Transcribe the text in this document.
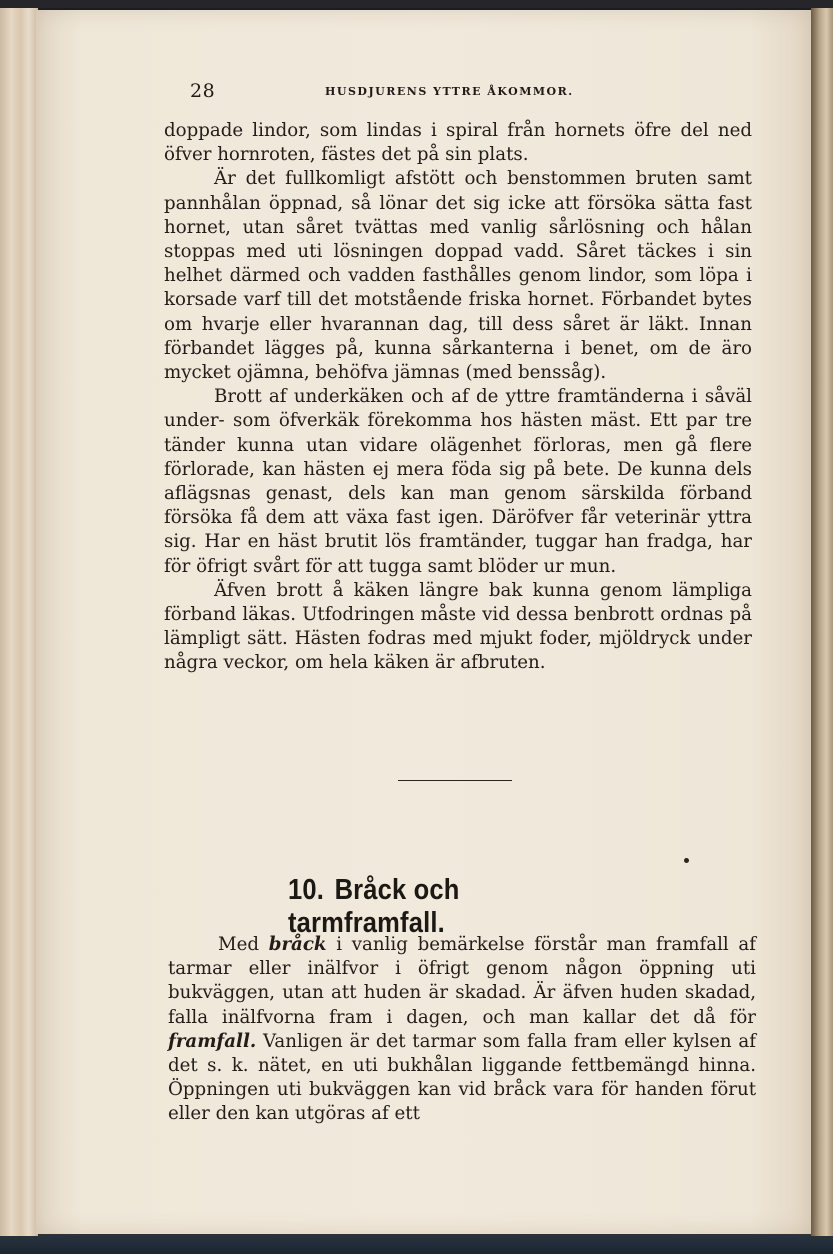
28	HUSDJURENS YTTRE ÅKOMMOR.

doppade lindor, som lindas i spiral från hornets öfre del ned öfver hornroten, fästes det på sin plats.

Är det fullkomligt afstött och benstommen bruten samt pannhålan öppnad, så lönar det sig icke att försöka sätta fast hornet, utan såret tvättas med vanlig sårlösning och hålan stoppas med uti lösningen doppad vadd. Såret täckes i sin helhet därmed och vadden fasthålles genom lindor, som löpa i korsade varf till det motstående friska hornet. Förbandet bytes om hvarje eller hvarannan dag, till dess såret är läkt. Innan förbandet lägges på, kunna sårkanterna i benet, om de äro mycket ojämna, behöfva jämnas (med benssåg).

Brott af underkäken och af de yttre framtänderna i såväl under- som öfverkäk förekomma hos hästen mäst. Ett par tre tänder kunna utan vidare olägenhet förloras, men gå flere förlorade, kan hästen ej mera föda sig på bete. De kunna dels aflägsnas genast, dels kan man genom särskilda förband försöka få dem att växa fast igen. Däröfver får veterinär yttra sig. Har en häst brutit lös framtänder, tuggar han fradga, har för öfrigt svårt för att tugga samt blöder ur mun.

Äfven brott å käken längre bak kunna genom lämpliga förband läkas. Utfodringen måste vid dessa benbrott ordnas på lämpligt sätt. Hästen fodras med mjukt foder, mjöldryck under några veckor, om hela käken är afbruten.

10. Bråck och tarmframfall.

Med bråck i vanlig bemärkelse förstår man framfall af tarmar eller inälfvor i öfrigt genom någon öppning uti bukväggen, utan att huden är skadad. Är äfven huden skadad, falla inälfvorna fram i dagen, och man kallar det då för framfall. Vanligen är det tarmar som falla fram eller kylsen af det s. k. nätet, en uti bukhålan liggande fettbemängd hinna. Öppningen uti bukväggen kan vid bråck vara för handen förut eller den kan utgöras af ett
